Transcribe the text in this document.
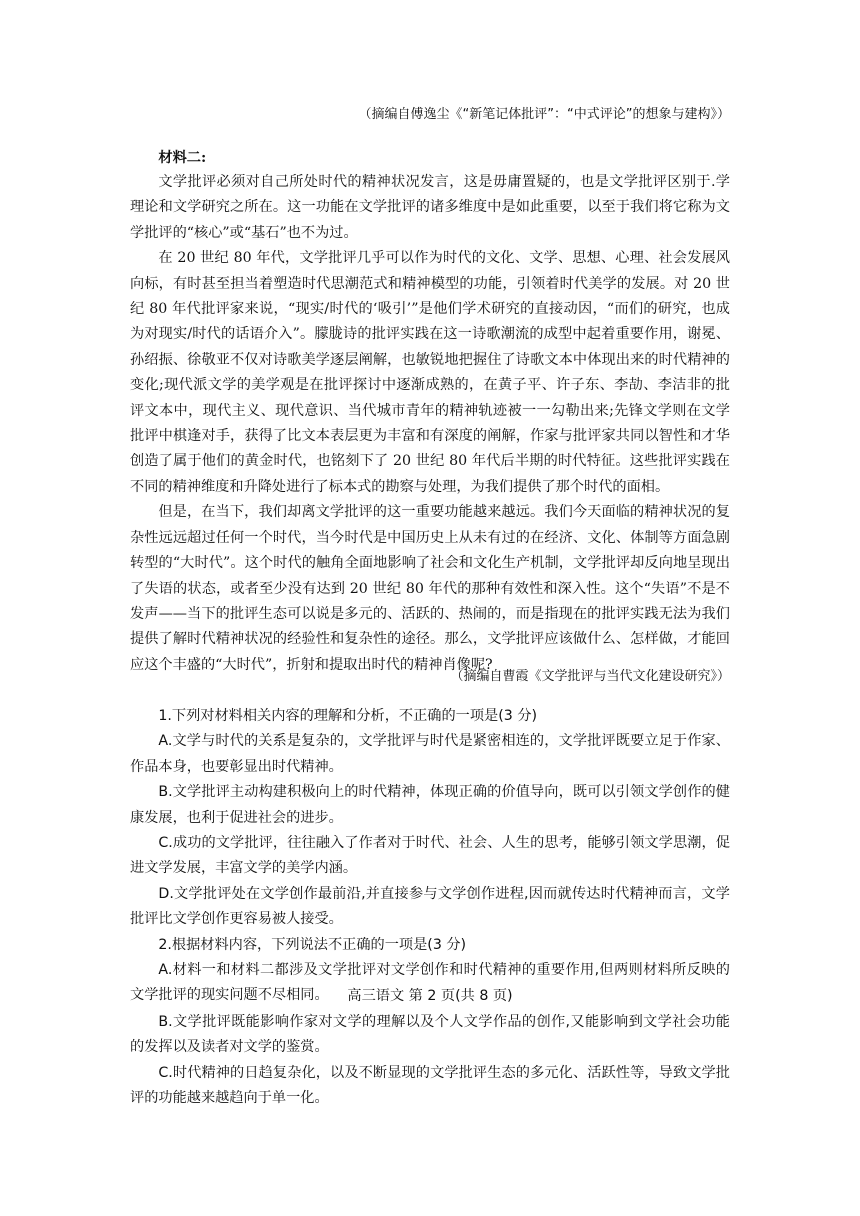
（摘编自傅逸尘《“新笔记体批评”：“中式评论”的想象与建构》）
材料二:
文学批评必须对自己所处时代的精神状况发言，这是毋庸置疑的，也是文学批评区别于.学理论和文学研究之所在。这一功能在文学批评的诸多维度中是如此重要，以至于我们将它称为文学批评的“核心”或“基石”也不为过。
在 20 世纪 80 年代，文学批评几乎可以作为时代的文化、文学、思想、心理、社会发展风向标，有时甚至担当着塑造时代思潮范式和精神模型的功能，引领着时代美学的发展。对 20 世纪 80 年代批评家来说，“现实/时代的‘吸引’”是他们学术研究的直接动因，“而们的研究，也成为对现实/时代的话语介入”。朦胧诗的批评实践在这一诗歌潮流的成型中起着重要作用，谢冕、孙绍振、徐敬亚不仅对诗歌美学逐层阐解，也敏锐地把握住了诗歌文本中体现出来的时代精神的变化;现代派文学的美学观是在批评探讨中逐渐成熟的，在黄子平、许子东、李劼、李洁非的批评文本中，现代主义、现代意识、当代城市青年的精神轨迹被一一勾勒出来;先锋文学则在文学批评中棋逢对手，获得了比文本表层更为丰富和有深度的阐解，作家与批评家共同以智性和才华创造了属于他们的黄金时代，也铭刻下了 20 世纪 80 年代后半期的时代特征。这些批评实践在不同的精神维度和升降处进行了标本式的勘察与处理，为我们提供了那个时代的面相。
但是，在当下，我们却离文学批评的这一重要功能越来越远。我们今天面临的精神状况的复杂性远远超过任何一个时代，当今时代是中国历史上从未有过的在经济、文化、体制等方面急剧转型的“大时代”。这个时代的触角全面地影响了社会和文化生产机制，文学批评却反向地呈现出了失语的状态，或者至少没有达到 20 世纪 80 年代的那种有效性和深入性。这个“失语”不是不发声——当下的批评生态可以说是多元的、活跃的、热闹的，而是指现在的批评实践无法为我们提供了解时代精神状况的经验性和复杂性的途径。那么，文学批评应该做什么、怎样做，才能回应这个丰盛的“大时代”，折射和提取出时代的精神肖像呢?
（摘编自曹霞《文学批评与当代文化建设研究》）
1.下列对材料相关内容的理解和分析，不正确的一项是(3 分)
A.文学与时代的关系是复杂的，文学批评与时代是紧密相连的，文学批评既要立足于作家、作品本身，也要彰显出时代精神。
B.文学批评主动构建积极向上的时代精神，体现正确的价值导向，既可以引领文学创作的健康发展，也利于促进社会的进步。
C.成功的文学批评，往往融入了作者对于时代、社会、人生的思考，能够引领文学思潮，促进文学发展，丰富文学的美学内涵。
D.文学批评处在文学创作最前沿,并直接参与文学创作进程,因而就传达时代精神而言，文学批评比文学创作更容易被人接受。
2.根据材料内容，下列说法不正确的一项是(3 分)
A.材料一和材料二都涉及文学批评对文学创作和时代精神的重要作用,但两则材料所反映的文学批评的现实问题不尽相同。	高三语文 第 2 页(共 8 页)
B.文学批评既能影响作家对文学的理解以及个人文学作品的创作,又能影响到文学社会功能的发挥以及读者对文学的鉴赏。
C.时代精神的日趋复杂化，以及不断显现的文学批评生态的多元化、活跃性等，导致文学批评的功能越来越趋向于单一化。
